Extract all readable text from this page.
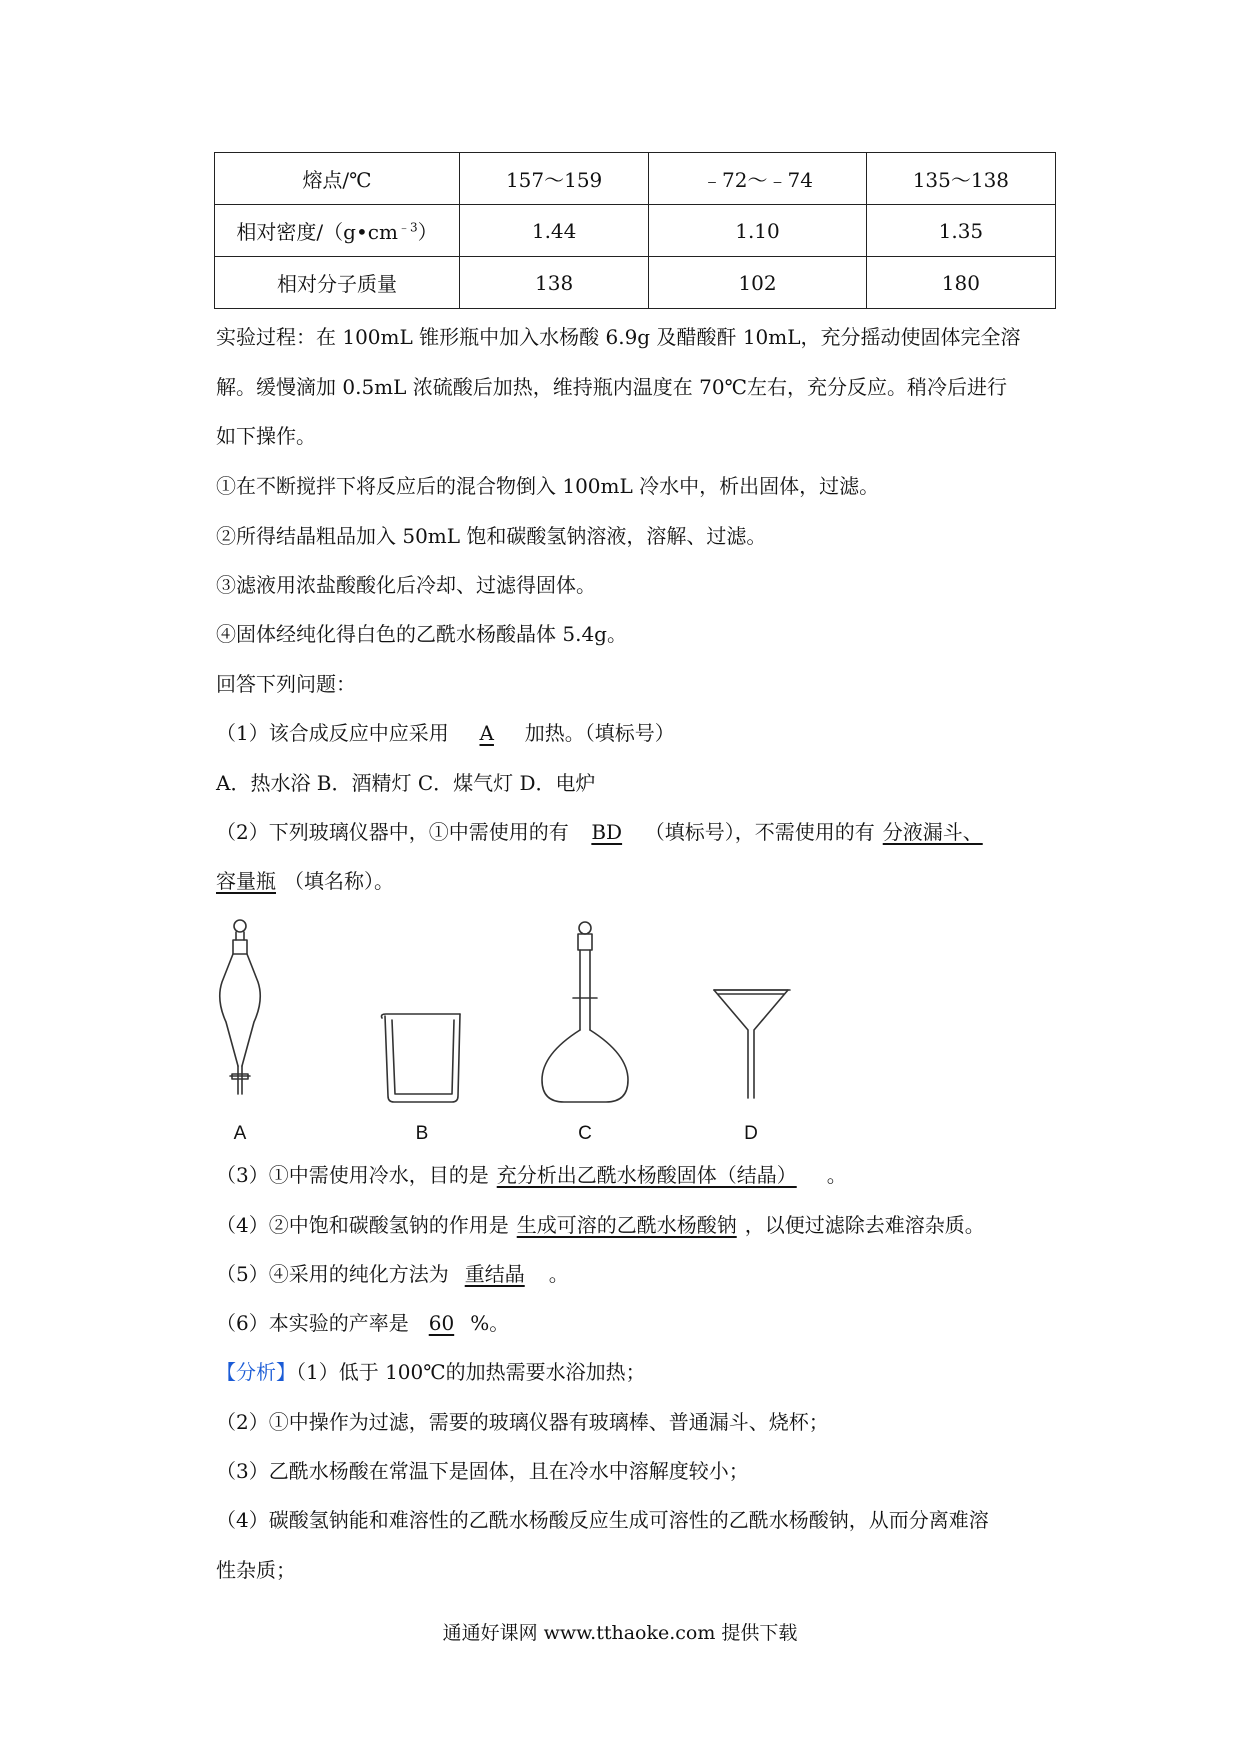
熔点/℃	157～159	﹣72～﹣74	135～138
相对密度$/(g•cm^{﹣3})$	1.44	1.10	1.35
相对分子质量	138	102	180
实验过程：在 100mL 锥形瓶中加入水杨酸 6.9g 及醋酸酐 10mL，充分摇动使固体完全溶
解。缓慢滴加 0.5mL 浓硫酸后加热，维持瓶内温度在 70℃左右，充分反应。稍冷后进行
如下操作。
①在不断搅拌下将反应后的混合物倒入 100mL 冷水中，析出固体，过滤。
②所得结晶粗品加入 50mL 饱和碳酸氢钠溶液，溶解、过滤。
③滤液用浓盐酸酸化后冷却、过滤得固体。
④固体经纯化得白色的乙酰水杨酸晶体 5.4g。
回答下列问题：
（1）该合成反应中应采用 A 加热。（填标号）
A．热水浴 B．酒精灯 C．煤气灯 D．电炉
（2）下列玻璃仪器中，①中需使用的有 BD （填标号），不需使用的有 分液漏斗、
容量瓶 （填名称）。
A	B	C	D
（3）①中需使用冷水，目的是 充分析出乙酰水杨酸固体（结晶） 。
（4）②中饱和碳酸氢钠的作用是 生成可溶的乙酰水杨酸钠 ，以便过滤除去难溶杂质。
（5）④采用的纯化方法为 重结晶 。
（6）本实验的产率是 60 %。
【分析】（1）低于 100℃的加热需要水浴加热；
（2）①中操作为过滤，需要的玻璃仪器有玻璃棒、普通漏斗、烧杯；
（3）乙酰水杨酸在常温下是固体，且在冷水中溶解度较小；
（4）碳酸氢钠能和难溶性的乙酰水杨酸反应生成可溶性的乙酰水杨酸钠，从而分离难溶
性杂质；
通通好课网 www.tthaoke.com 提供下载
